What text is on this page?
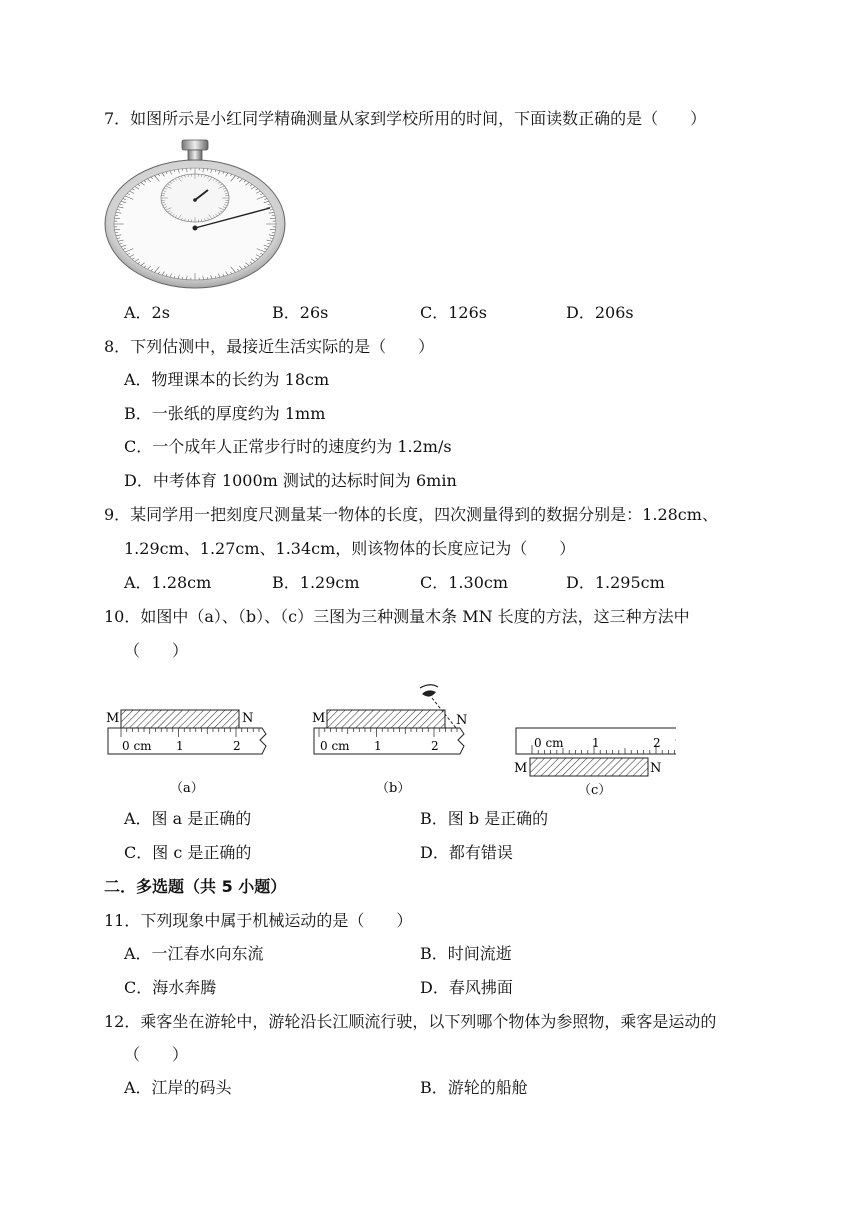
7．如图所示是小红同学精确测量从家到学校所用的时间，下面读数正确的是（　　）
A．2s	B．26s	C．126s	D．206s
8．下列估测中，最接近生活实际的是（　　）
A．物理课本的长约为 18cm
B．一张纸的厚度约为 1mm
C．一个成年人正常步行时的速度约为 1.2m/s
D．中考体育 1000m 测试的达标时间为 6min
9．某同学用一把刻度尺测量某一物体的长度，四次测量得到的数据分别是：1.28cm、
1.29cm、1.27cm、1.34cm，则该物体的长度应记为（　　）
A．1.28cm	B．1.29cm	C．1.30cm	D．1.295cm
10．如图中（a）、（b）、（c）三图为三种测量木条 MN 长度的方法，这三种方法中
（　　）
M	N
0 cm 1	2
（a）
M	N
0 cm 1	2
（b）
0 cm 1	2
M	N
（c）
A．图 a 是正确的	B．图 b 是正确的
C．图 c 是正确的	D．都有错误
二．多选题（共 5 小题）
11．下列现象中属于机械运动的是（　　）
A．一江春水向东流	B．时间流逝
C．海水奔腾	D．春风拂面
12．乘客坐在游轮中，游轮沿长江顺流行驶，以下列哪个物体为参照物，乘客是运动的
（　　）
A．江岸的码头	B．游轮的船舱
